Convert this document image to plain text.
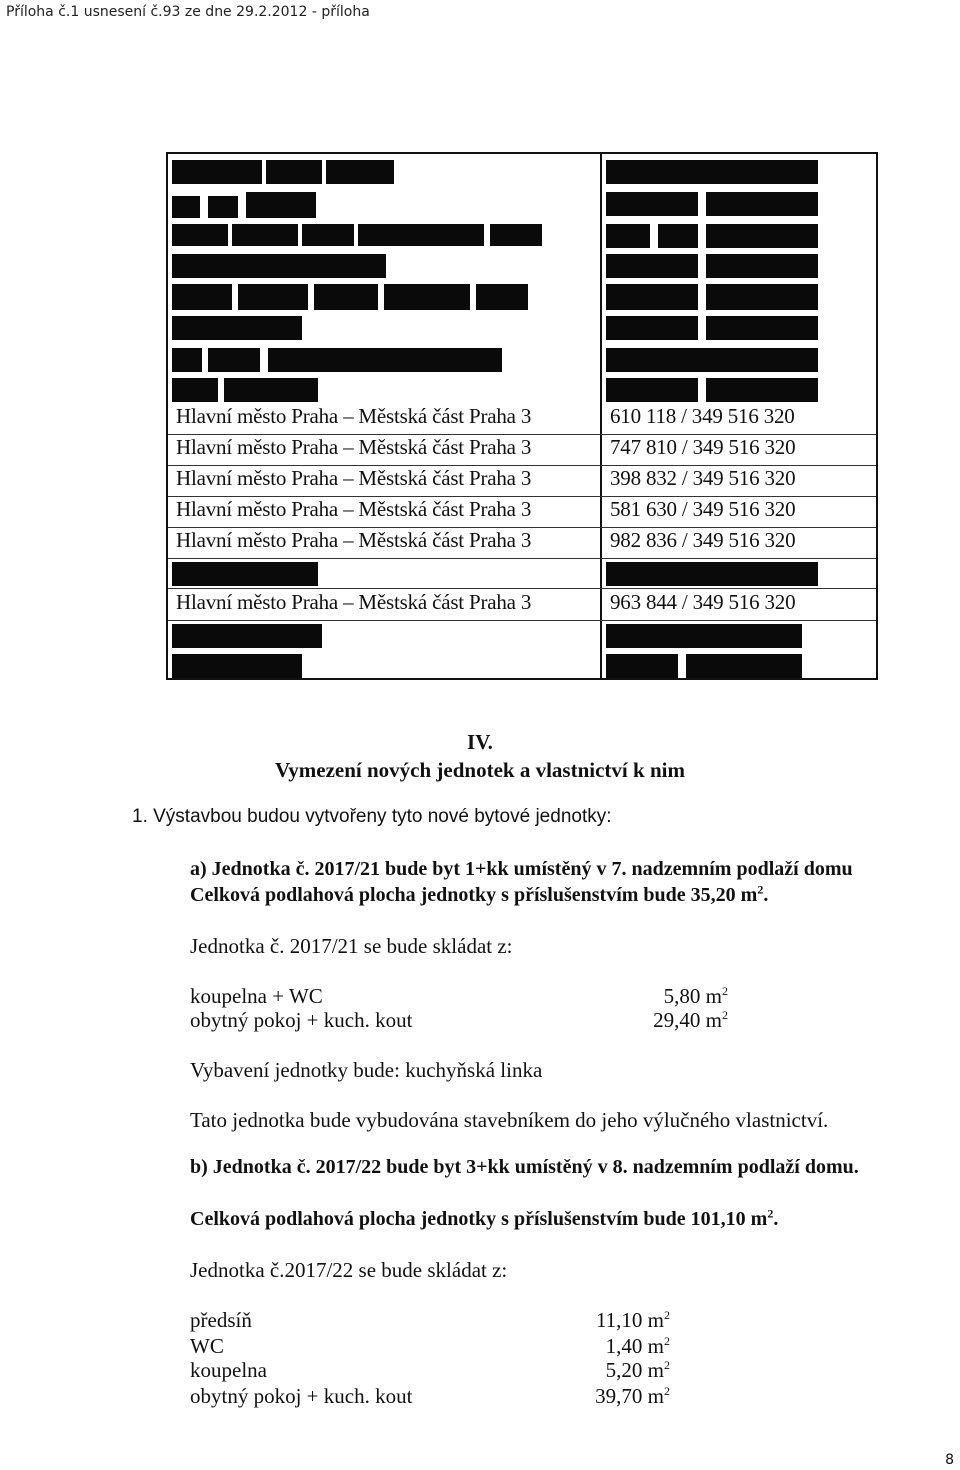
Příloha č.1 usnesení č.93 ze dne 29.2.2012 - příloha
Hlavní město Praha – Městská část Praha 3	610 118 / 349 516 320
Hlavní město Praha – Městská část Praha 3	747 810 / 349 516 320
Hlavní město Praha – Městská část Praha 3	398 832 / 349 516 320
Hlavní město Praha – Městská část Praha 3	581 630 / 349 516 320
Hlavní město Praha – Městská část Praha 3	982 836 / 349 516 320
Hlavní město Praha – Městská část Praha 3	963 844 / 349 516 320
IV.
Vymezení nových jednotek a vlastnictví k nim
1. Výstavbou budou vytvořeny tyto nové bytové jednotky:
a) Jednotka č. 2017/21 bude byt 1+kk umístěný v 7. nadzemním podlaží domu
Celková podlahová plocha jednotky s příslušenstvím bude 35,20 $m^2$.
Jednotka č. 2017/21 se bude skládat z:
koupelna + WC	5,80 $m^2$
obytný pokoj + kuch. kout	29,40 $m^2$
Vybavení jednotky bude: kuchyňská linka
Tato jednotka bude vybudována stavebníkem do jeho výlučného vlastnictví.
b) Jednotka č. 2017/22 bude byt 3+kk umístěný v 8. nadzemním podlaží domu.
Celková podlahová plocha jednotky s příslušenstvím bude 101,10 $m^2$.
Jednotka č.2017/22 se bude skládat z:
předsíň	11,10 $m^2$
WC	1,40 $m^2$
koupelna	5,20 $m^2$
obytný pokoj + kuch. kout	39,70 $m^2$
8
